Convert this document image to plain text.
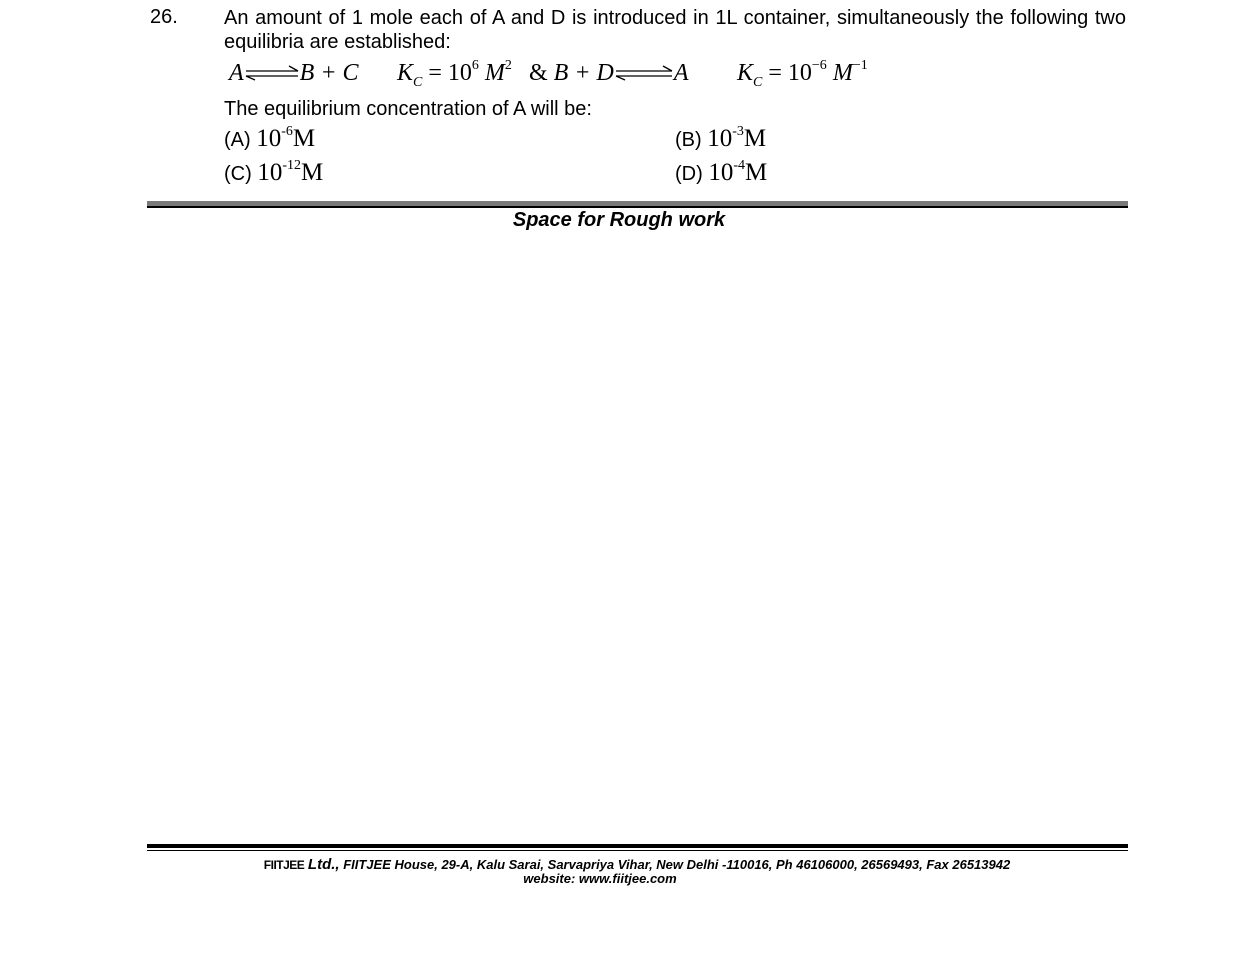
26. An amount of 1 mole each of A and D is introduced in 1L container, simultaneously the following two equilibria are established:
A⇌B + C $K_C = 10^6$ $M^2$ & B + D⇌A $K_C = 10^{-6}$ $M^{-1}$
The equilibrium concentration of A will be:
(A) $10^{-6}M$	(B) $10^{-3}M$
(C) $10^{-12}M$	(D) $10^{-4}M$
Space for Rough work
FIITJEE Ltd., FIITJEE House, 29-A, Kalu Sarai, Sarvapriya Vihar, New Delhi -110016, Ph 46106000, 26569493, Fax 26513942
website: www.fiitjee.com
